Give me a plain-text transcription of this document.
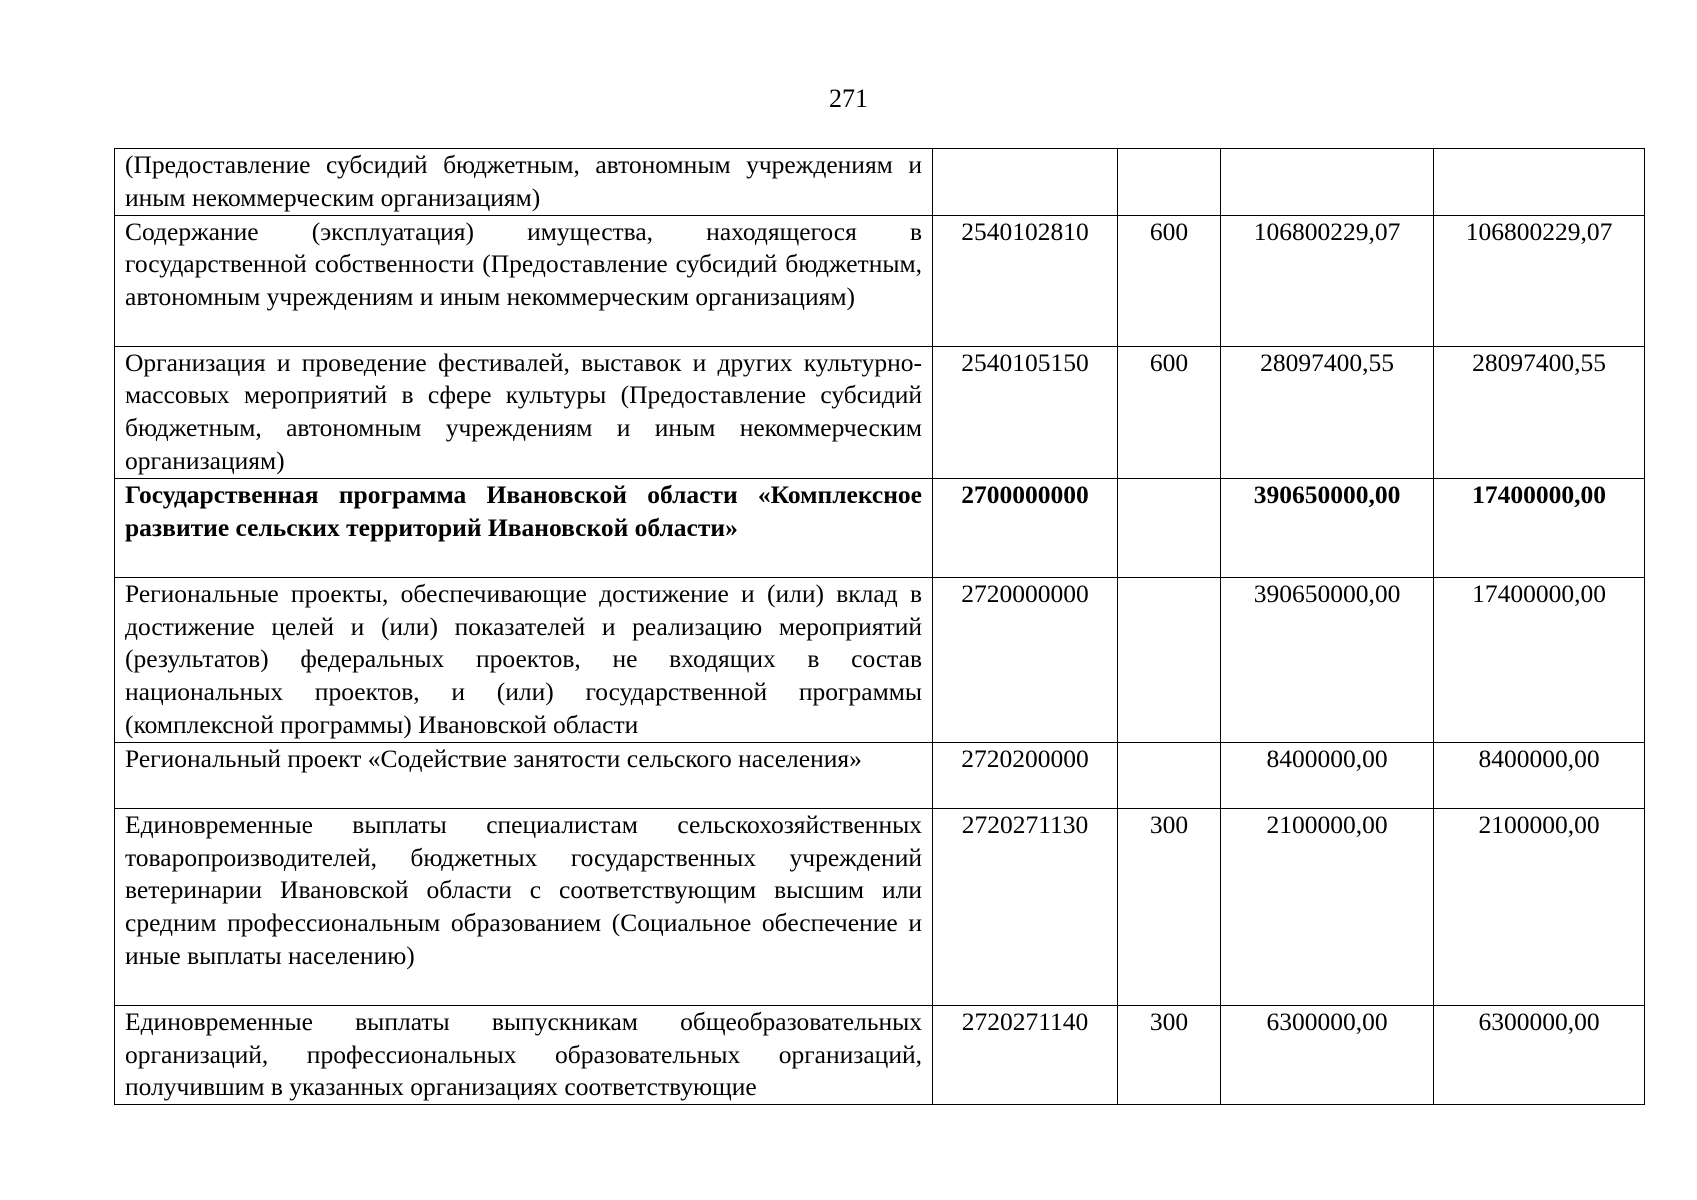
271
(Предоставление субсидий бюджетным, автономным учреждениям и иным некоммерческим организациям)				
Содержание (эксплуатация) имущества, находящегося в государственной собственности (Предоставление субсидий бюджетным, автономным учреждениям и иным некоммерческим организациям)	2540102810	600	106800229,07	106800229,07
Организация и проведение фестивалей, выставок и других культурно-массовых мероприятий в сфере культуры (Предоставление субсидий бюджетным, автономным учреждениям и иным некоммерческим организациям)	2540105150	600	28097400,55	28097400,55
Государственная программа Ивановской области «Комплексное развитие сельских территорий Ивановской области»	2700000000		390650000,00	17400000,00
Региональные проекты, обеспечивающие достижение и (или) вклад в достижение целей и (или) показателей и реализацию мероприятий (результатов) федеральных проектов, не входящих в состав национальных проектов, и (или) государственной программы (комплексной программы) Ивановской области	2720000000		390650000,00	17400000,00
Региональный проект «Содействие занятости сельского населения»	2720200000		8400000,00	8400000,00
Единовременные выплаты специалистам сельскохозяйственных товаропроизводителей, бюджетных государственных учреждений ветеринарии Ивановской области с соответствующим высшим или средним профессиональным образованием (Социальное обеспечение и иные выплаты населению)	2720271130	300	2100000,00	2100000,00
Единовременные выплаты выпускникам общеобразовательных организаций, профессиональных образовательных организаций, получившим в указанных организациях соответствующие	2720271140	300	6300000,00	6300000,00
